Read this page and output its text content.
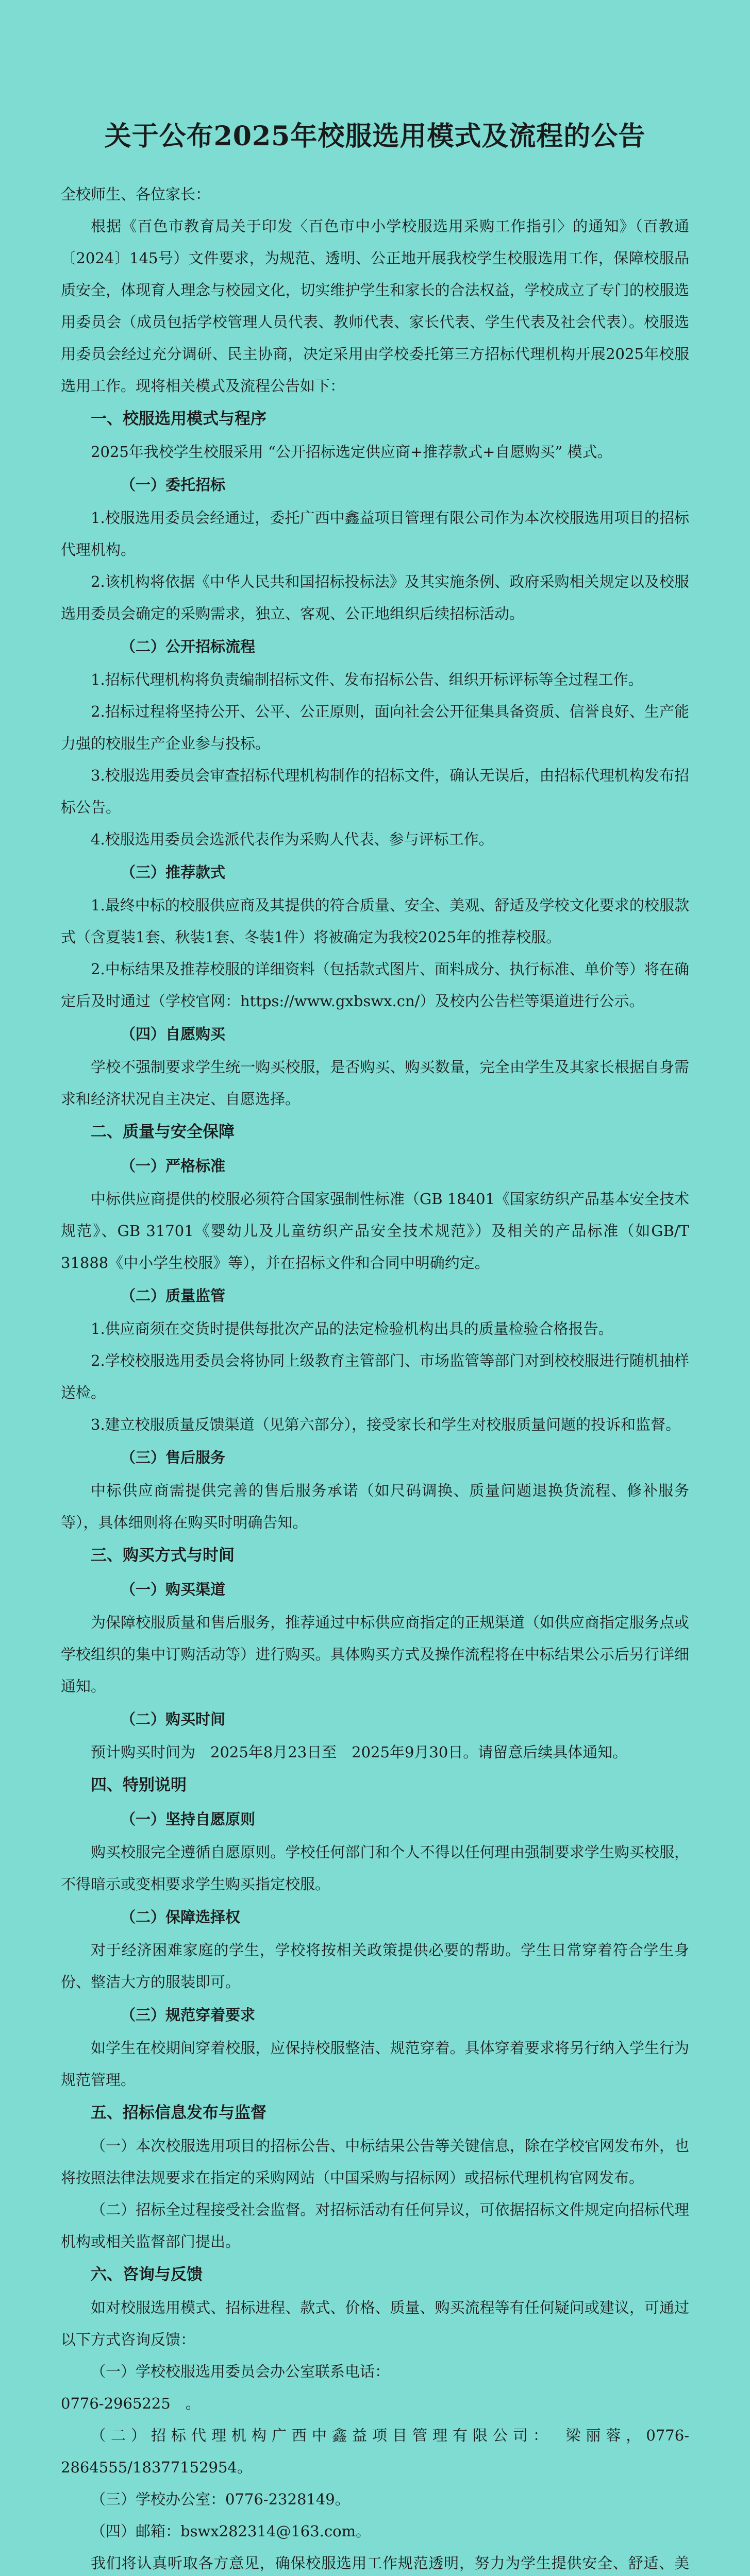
关于公布2025年校服选用模式及流程的公告

全校师生、各位家长：

根据《百色市教育局关于印发〈百色市中小学校服选用采购工作指引〉的通知》（百教通〔2024〕145号）文件要求，为规范、透明、公正地开展我校学生校服选用工作，保障校服品质安全，体现育人理念与校园文化，切实维护学生和家长的合法权益，学校成立了专门的校服选用委员会（成员包括学校管理人员代表、教师代表、家长代表、学生代表及社会代表）。校服选用委员会经过充分调研、民主协商，决定采用由学校委托第三方招标代理机构开展2025年校服选用工作。现将相关模式及流程公告如下：

一、校服选用模式与程序

2025年我校学生校服采用 “公开招标选定供应商+推荐款式+自愿购买” 模式。

（一）委托招标

1.校服选用委员会经通过，委托广西中鑫益项目管理有限公司作为本次校服选用项目的招标代理机构。

2.该机构将依据《中华人民共和国招标投标法》及其实施条例、政府采购相关规定以及校服选用委员会确定的采购需求，独立、客观、公正地组织后续招标活动。

（二）公开招标流程

1.招标代理机构将负责编制招标文件、发布招标公告、组织开标评标等全过程工作。

2.招标过程将坚持公开、公平、公正原则，面向社会公开征集具备资质、信誉良好、生产能力强的校服生产企业参与投标。

3.校服选用委员会审查招标代理机构制作的招标文件，确认无误后，由招标代理机构发布招标公告。

4.校服选用委员会选派代表作为采购人代表、参与评标工作。

（三）推荐款式

1.最终中标的校服供应商及其提供的符合质量、安全、美观、舒适及学校文化要求的校服款式（含夏装1套、秋装1套、冬装1件）将被确定为我校2025年的推荐校服。

2.中标结果及推荐校服的详细资料（包括款式图片、面料成分、执行标准、单价等）将在确定后及时通过（学校官网：https://www.gxbswx.cn/）及校内公告栏等渠道进行公示。

（四）自愿购买

学校不强制要求学生统一购买校服，是否购买、购买数量，完全由学生及其家长根据自身需求和经济状况自主决定、自愿选择。

二、质量与安全保障

（一）严格标准

中标供应商提供的校服必须符合国家强制性标准（GB 18401《国家纺织产品基本安全技术规范》、GB 31701《婴幼儿及儿童纺织产品安全技术规范》）及相关的产品标准（如GB/T 31888《中小学生校服》等），并在招标文件和合同中明确约定。

（二）质量监管

1.供应商须在交货时提供每批次产品的法定检验机构出具的质量检验合格报告。

2.学校校服选用委员会将协同上级教育主管部门、市场监管等部门对到校校服进行随机抽样送检。

3.建立校服质量反馈渠道（见第六部分），接受家长和学生对校服质量问题的投诉和监督。

（三）售后服务

中标供应商需提供完善的售后服务承诺（如尺码调换、质量问题退换货流程、修补服务等），具体细则将在购买时明确告知。

三、购买方式与时间

（一）购买渠道

为保障校服质量和售后服务，推荐通过中标供应商指定的正规渠道（如供应商指定服务点或学校组织的集中订购活动等）进行购买。具体购买方式及操作流程将在中标结果公示后另行详细通知。

（二）购买时间

预计购买时间为　2025年8月23日至　2025年9月30日。请留意后续具体通知。

四、特别说明

（一）坚持自愿原则

购买校服完全遵循自愿原则。学校任何部门和个人不得以任何理由强制要求学生购买校服，不得暗示或变相要求学生购买指定校服。

（二）保障选择权

对于经济困难家庭的学生，学校将按相关政策提供必要的帮助。学生日常穿着符合学生身份、整洁大方的服装即可。

（三）规范穿着要求

如学生在校期间穿着校服，应保持校服整洁、规范穿着。具体穿着要求将另行纳入学生行为规范管理。

五、招标信息发布与监督

（一）本次校服选用项目的招标公告、中标结果公告等关键信息，除在学校官网发布外，也将按照法律法规要求在指定的采购网站（中国采购与招标网）或招标代理机构官网发布。

（二）招标全过程接受社会监督。对招标活动有任何异议，可依据招标文件规定向招标代理机构或相关监督部门提出。

六、咨询与反馈

如对校服选用模式、招标进程、款式、价格、质量、购买流程等有任何疑问或建议，可通过以下方式咨询反馈：

（一）学校校服选用委员会办公室联系电话：

0776-2965225　。

（二）招标代理机构广西中鑫益项目管理有限公司：　梁丽蓉，0776-2864555/18377152954。

（三）学校办公室：0776-2328149。

（四）邮箱：bswx282314@163.com。

我们将认真听取各方意见，确保校服选用工作规范透明，努力为学生提供安全、舒适、美
